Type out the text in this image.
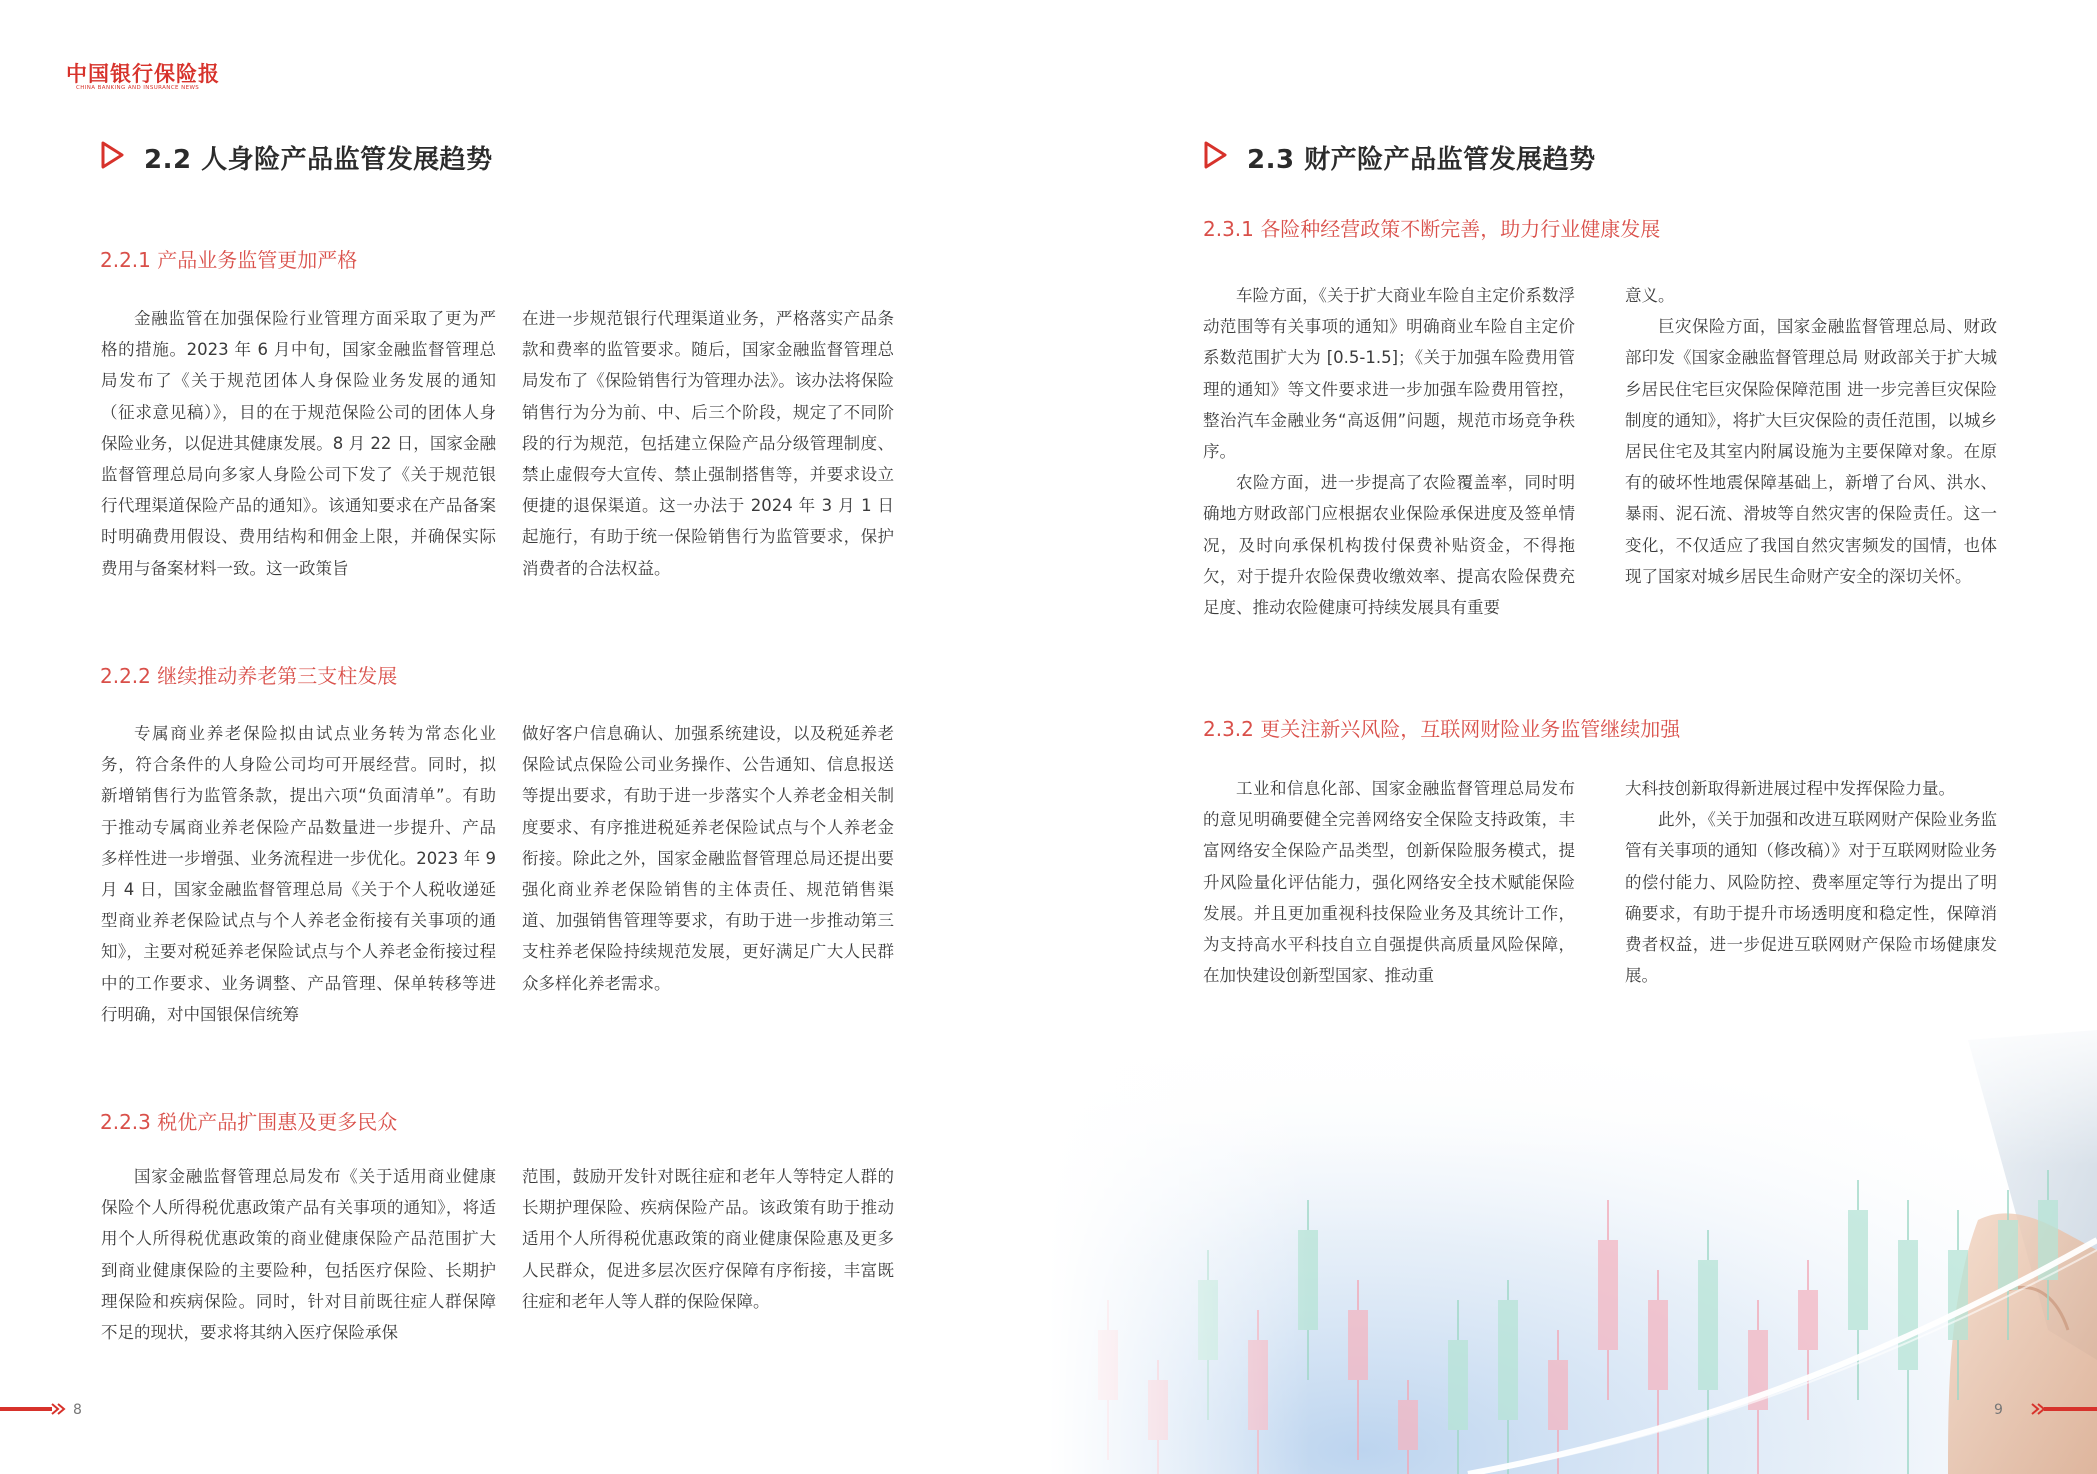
中国银行保险报
CHINA BANKING AND INSURANCE NEWS
2.2 人身险产品监管发展趋势
2.2.1 产品业务监管更加严格

金融监管在加强保险行业管理方面采取了更为严格的措施。2023 年 6 月中旬，国家金融监督管理总局发布了《关于规范团体人身保险业务发展的通知（征求意见稿）》，目的在于规范保险公司的团体人身保险业务，以促进其健康发展。8 月 22 日，国家金融监督管理总局向多家人身险公司下发了《关于规范银行代理渠道保险产品的通知》。该通知要求在产品备案时明确费用假设、费用结构和佣金上限，并确保实际费用与备案材料一致。这一政策旨

在进一步规范银行代理渠道业务，严格落实产品条款和费率的监管要求。随后，国家金融监督管理总局发布了《保险销售行为管理办法》。该办法将保险销售行为分为前、中、后三个阶段，规定了不同阶段的行为规范，包括建立保险产品分级管理制度、禁止虚假夸大宣传、禁止强制搭售等，并要求设立便捷的退保渠道。这一办法于 2024 年 3 月 1 日起施行，有助于统一保险销售行为监管要求，保护消费者的合法权益。

2.2.2 继续推动养老第三支柱发展

专属商业养老保险拟由试点业务转为常态化业务，符合条件的人身险公司均可开展经营。同时，拟新增销售行为监管条款，提出六项“负面清单”。有助于推动专属商业养老保险产品数量进一步提升、产品多样性进一步增强、业务流程进一步优化。2023 年 9 月 4 日，国家金融监督管理总局《关于个人税收递延型商业养老保险试点与个人养老金衔接有关事项的通知》，主要对税延养老保险试点与个人养老金衔接过程中的工作要求、业务调整、产品管理、保单转移等进行明确，对中国银保信统筹

做好客户信息确认、加强系统建设，以及税延养老保险试点保险公司业务操作、公告通知、信息报送等提出要求，有助于进一步落实个人养老金相关制度要求、有序推进税延养老保险试点与个人养老金衔接。除此之外，国家金融监督管理总局还提出要强化商业养老保险销售的主体责任、规范销售渠道、加强销售管理等要求，有助于进一步推动第三支柱养老保险持续规范发展，更好满足广大人民群众多样化养老需求。

2.2.3 税优产品扩围惠及更多民众

国家金融监督管理总局发布《关于适用商业健康保险个人所得税优惠政策产品有关事项的通知》，将适用个人所得税优惠政策的商业健康保险产品范围扩大到商业健康保险的主要险种，包括医疗保险、长期护理保险和疾病保险。同时，针对目前既往症人群保障不足的现状，要求将其纳入医疗保险承保

范围，鼓励开发针对既往症和老年人等特定人群的长期护理保险、疾病保险产品。该政策有助于推动适用个人所得税优惠政策的商业健康保险惠及更多人民群众，促进多层次医疗保障有序衔接，丰富既往症和老年人等人群的保险保障。

8
2.3 财产险产品监管发展趋势
2.3.1 各险种经营政策不断完善，助力行业健康发展

车险方面，《关于扩大商业车险自主定价系数浮动范围等有关事项的通知》明确商业车险自主定价系数范围扩大为 [0.5-1.5]；《关于加强车险费用管理的通知》等文件要求进一步加强车险费用管控，整治汽车金融业务“高返佣”问题，规范市场竞争秩序。

农险方面，进一步提高了农险覆盖率，同时明确地方财政部门应根据农业保险承保进度及签单情况，及时向承保机构拨付保费补贴资金，不得拖欠，对于提升农险保费收缴效率、提高农险保费充足度、推动农险健康可持续发展具有重要

意义。

巨灾保险方面，国家金融监督管理总局、财政部印发《国家金融监督管理总局 财政部关于扩大城乡居民住宅巨灾保险保障范围 进一步完善巨灾保险制度的通知》，将扩大巨灾保险的责任范围，以城乡居民住宅及其室内附属设施为主要保障对象。在原有的破坏性地震保障基础上，新增了台风、洪水、暴雨、泥石流、滑坡等自然灾害的保险责任。这一变化，不仅适应了我国自然灾害频发的国情，也体现了国家对城乡居民生命财产安全的深切关怀。

2.3.2 更关注新兴风险，互联网财险业务监管继续加强

工业和信息化部、国家金融监督管理总局发布的意见明确要健全完善网络安全保险支持政策，丰富网络安全保险产品类型，创新保险服务模式，提升风险量化评估能力，强化网络安全技术赋能保险发展。并且更加重视科技保险业务及其统计工作，为支持高水平科技自立自强提供高质量风险保障，在加快建设创新型国家、推动重

大科技创新取得新进展过程中发挥保险力量。

此外，《关于加强和改进互联网财产保险业务监管有关事项的通知（修改稿）》对于互联网财险业务的偿付能力、风险防控、费率厘定等行为提出了明确要求，有助于提升市场透明度和稳定性，保障消费者权益，进一步促进互联网财产保险市场健康发展。

9
